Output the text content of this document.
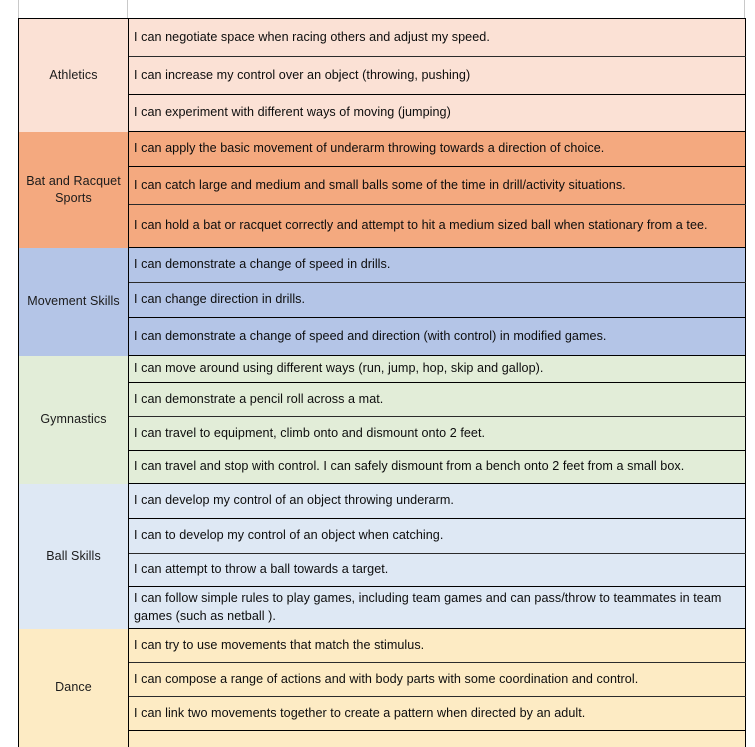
Athletics	I can negotiate space when racing others and adjust my speed.
	I can increase my control over an object (throwing, pushing)
	I can experiment with different ways of moving (jumping)
Bat and Racquet Sports	I can apply the basic movement of underarm throwing towards a direction of choice.
	I can catch large and medium and small balls some of the time in drill/activity situations.
	I can hold a bat or racquet correctly and attempt to hit a medium sized ball when stationary from a tee.
Movement Skills	I can demonstrate a change of speed in drills.
	I can change direction in drills.
	I can demonstrate a change of speed and direction (with control) in modified games.
Gymnastics	I can move around using different ways (run, jump, hop, skip and gallop).
	I can demonstrate a pencil roll across a mat.
	I can travel to equipment, climb onto and dismount onto 2 feet.
	I can travel and stop with control. I can safely dismount from a bench onto 2 feet from a small box.
Ball Skills	I can develop my control of an object throwing underarm.
	I can to develop my control of an object when catching.
	I can attempt to throw a ball towards a target.
	I can follow simple rules to play games, including team games and can pass/throw to teammates in team games (such as netball ).
Dance	I can try to use movements that match the stimulus.
	I can compose a range of actions and with body parts with some coordination and control.
	I can link two movements together to create a pattern when directed by an adult.
